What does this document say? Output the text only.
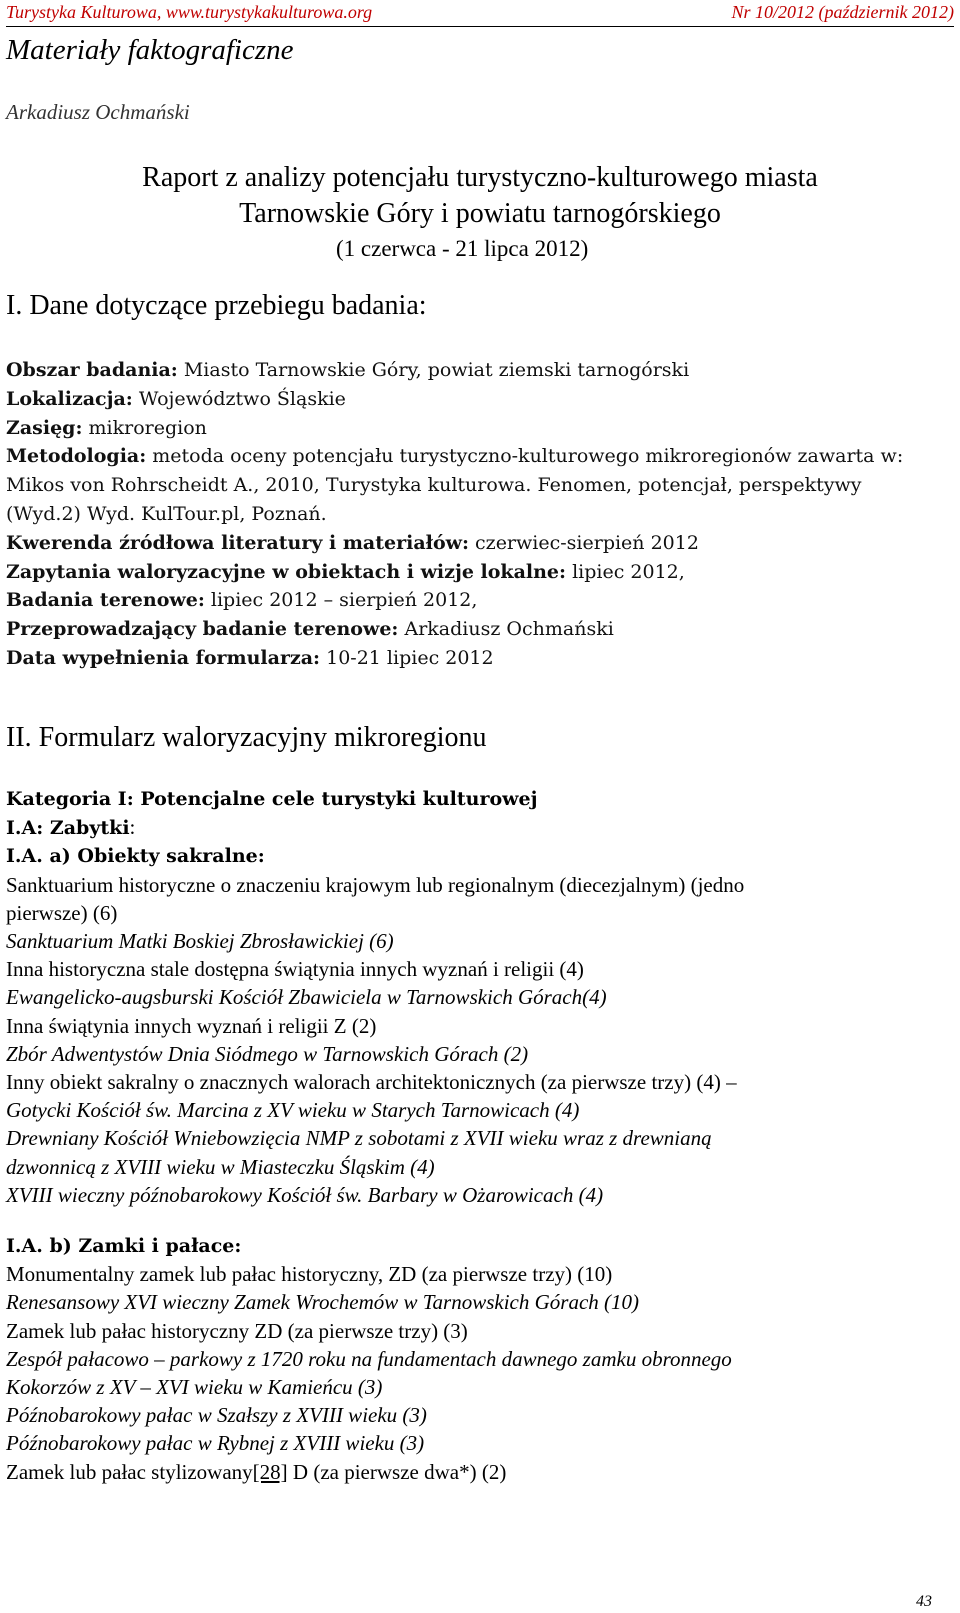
Turystyka Kulturowa, www.turystykakulturowa.org	Nr 10/2012 (październik 2012)
Materiały faktograficzne
Arkadiusz Ochmański
Raport z analizy potencjału turystyczno-kulturowego miasta
Tarnowskie Góry i powiatu tarnogórskiego
(1 czerwca - 21 lipca 2012)
I. Dane dotyczące przebiegu badania:
Obszar badania: Miasto Tarnowskie Góry, powiat ziemski tarnogórski
Lokalizacja: Województwo Śląskie
Zasięg: mikroregion
Metodologia: metoda oceny potencjału turystyczno-kulturowego mikroregionów zawarta w:
Mikos von Rohrscheidt A., 2010, Turystyka kulturowa. Fenomen, potencjał, perspektywy
(Wyd.2) Wyd. KulTour.pl, Poznań.
Kwerenda źródłowa literatury i materiałów: czerwiec-sierpień 2012
Zapytania waloryzacyjne w obiektach i wizje lokalne: lipiec 2012,
Badania terenowe: lipiec 2012 – sierpień 2012,
Przeprowadzający badanie terenowe: Arkadiusz Ochmański
Data wypełnienia formularza: 10-21 lipiec 2012
II. Formularz waloryzacyjny mikroregionu
Kategoria I: Potencjalne cele turystyki kulturowej
I.A: Zabytki:
I.A. a) Obiekty sakralne:
Sanktuarium historyczne o znaczeniu krajowym lub regionalnym (diecezjalnym) (jedno
pierwsze) (6)
Sanktuarium Matki Boskiej Zbrosławickiej (6)
Inna historyczna stale dostępna świątynia innych wyznań i religii (4)
Ewangelicko-augsburski Kościół Zbawiciela w Tarnowskich Górach(4)
Inna świątynia innych wyznań i religii Z (2)
Zbór Adwentystów Dnia Siódmego w Tarnowskich Górach (2)
Inny obiekt sakralny o znacznych walorach architektonicznych (za pierwsze trzy) (4) –
Gotycki Kościół św. Marcina z XV wieku w Starych Tarnowicach (4)
Drewniany Kościół Wniebowzięcia NMP z sobotami z XVII wieku wraz z drewnianą
dzwonnicą z XVIII wieku w Miasteczku Śląskim (4)
XVIII wieczny późnobarokowy Kościół św. Barbary w Ożarowicach (4)
I.A. b) Zamki i pałace:
Monumentalny zamek lub pałac historyczny, ZD (za pierwsze trzy) (10)
Renesansowy XVI wieczny Zamek Wrochemów w Tarnowskich Górach (10)
Zamek lub pałac historyczny ZD (za pierwsze trzy) (3)
Zespół pałacowo – parkowy z 1720 roku na fundamentach dawnego zamku obronnego
Kokorzów z XV – XVI wieku w Kamieńcu (3)
Późnobarokowy pałac w Szałszy z XVIII wieku (3)
Późnobarokowy pałac w Rybnej z XVIII wieku (3)
Zamek lub pałac stylizowany[28] D (za pierwsze dwa*) (2)
43
